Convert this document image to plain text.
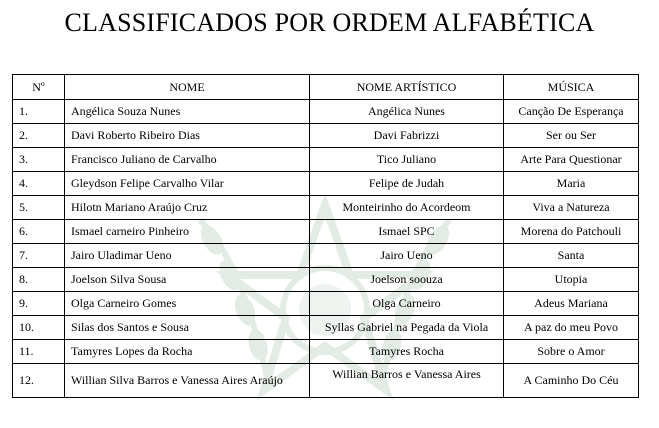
CLASSIFICADOS POR ORDEM ALFABÉTICA
Nº	NOME	NOME ARTÍSTICO	MÚSICA
1.	Angélica Souza Nunes	Angélica Nunes	Canção De Esperança
2.	Davi Roberto Ribeiro Dias	Davi Fabrizzi	Ser ou Ser
3.	Francisco Juliano de Carvalho	Tico Juliano	Arte Para Questionar
4.	Gleydson Felipe Carvalho Vilar	Felipe de Judah	Maria
5.	Hilotn Mariano Araújo Cruz	Monteirinho do Acordeom	Viva a Natureza
6.	Ismael carneiro Pinheiro	Ismael SPC	Morena do Patchouli
7.	Jairo Uladimar Ueno	Jairo Ueno	Santa
8.	Joelson Silva Sousa	Joelson soouza	Utopia
9.	Olga Carneiro Gomes	Olga Carneiro	Adeus Mariana
10.	Silas dos Santos e Sousa	Syllas Gabriel na Pegada da Viola	A paz do meu Povo
11.	Tamyres Lopes da Rocha	Tamyres Rocha	Sobre o Amor
12.	Willian Silva Barros e Vanessa Aires Araújo	Willian Barros e Vanessa Aires	A Caminho Do Céu
